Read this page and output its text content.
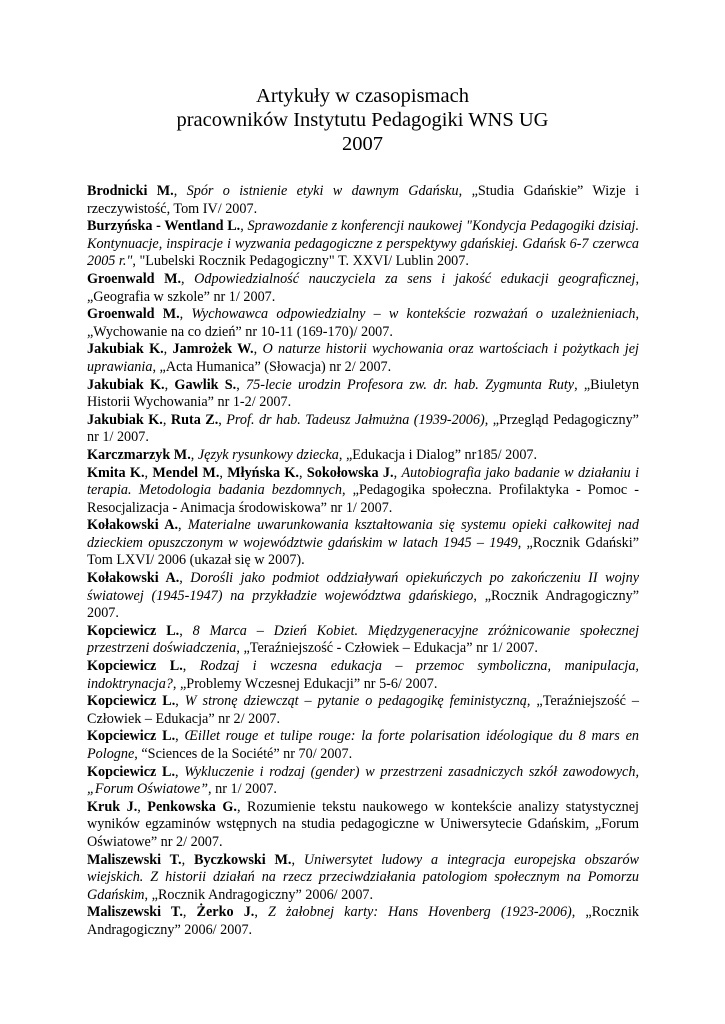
Artykuły w czasopismach
pracowników Instytutu Pedagogiki WNS UG
2007
Brodnicki M., Spór o istnienie etyki w dawnym Gdańsku, „Studia Gdańskie” Wizje i rzeczywistość, Tom IV/ 2007.
Burzyńska - Wentland L., Sprawozdanie z konferencji naukowej "Kondycja Pedagogiki dzisiaj. Kontynuacje, inspiracje i wyzwania pedagogiczne z perspektywy gdańskiej. Gdańsk 6-7 czerwca 2005 r.", "Lubelski Rocznik Pedagogiczny" T. XXVI/ Lublin 2007.
Groenwald M., Odpowiedzialność nauczyciela za sens i jakość edukacji geograficznej, „Geografia w szkole” nr 1/ 2007.
Groenwald M., Wychowawca odpowiedzialny – w kontekście rozważań o uzależnieniach, „Wychowanie na co dzień” nr 10-11 (169-170)/ 2007.
Jakubiak K., Jamrożek W., O naturze historii wychowania oraz wartościach i pożytkach jej uprawiania, „Acta Humanica” (Słowacja) nr 2/ 2007.
Jakubiak K., Gawlik S., 75-lecie urodzin Profesora zw. dr. hab. Zygmunta Ruty, „Biuletyn Historii Wychowania” nr 1-2/ 2007.
Jakubiak K., Ruta Z., Prof. dr hab. Tadeusz Jałmużna (1939-2006), „Przegląd Pedagogiczny” nr 1/ 2007.
Karczmarzyk M., Język rysunkowy dziecka, „Edukacja i Dialog” nr185/ 2007.
Kmita K., Mendel M., Młyńska K., Sokołowska J., Autobiografia jako badanie w działaniu i terapia. Metodologia badania bezdomnych, „Pedagogika społeczna. Profilaktyka - Pomoc - Resocjalizacja - Animacja środowiskowa” nr 1/ 2007.
Kołakowski A., Materialne uwarunkowania kształtowania się systemu opieki całkowitej nad dzieckiem opuszczonym w województwie gdańskim w latach 1945 – 1949, „Rocznik Gdański” Tom LXVI/ 2006 (ukazał się w 2007).
Kołakowski A., Dorośli jako podmiot oddziaływań opiekuńczych po zakończeniu II wojny światowej (1945-1947) na przykładzie województwa gdańskiego, „Rocznik Andragogiczny” 2007.
Kopciewicz L., 8 Marca – Dzień Kobiet. Międzygeneracyjne zróżnicowanie społecznej przestrzeni doświadczenia, „Teraźniejszość - Człowiek – Edukacja” nr 1/ 2007.
Kopciewicz L., Rodzaj i wczesna edukacja – przemoc symboliczna, manipulacja, indoktrynacja?, „Problemy Wczesnej Edukacji” nr 5-6/ 2007.
Kopciewicz L., W stronę dziewcząt – pytanie o pedagogikę feministyczną, „Teraźniejszość – Człowiek – Edukacja” nr 2/ 2007.
Kopciewicz L., Œillet rouge et tulipe rouge: la forte polarisation idéologique du 8 mars en Pologne, “Sciences de la Société” nr 70/ 2007.
Kopciewicz L., Wykluczenie i rodzaj (gender) w przestrzeni zasadniczych szkół zawodowych, „Forum Oświatowe”, nr 1/ 2007.
Kruk J., Penkowska G., Rozumienie tekstu naukowego w kontekście analizy statystycznej wyników egzaminów wstępnych na studia pedagogiczne w Uniwersytecie Gdańskim, „Forum Oświatowe” nr 2/ 2007.
Maliszewski T., Byczkowski M., Uniwersytet ludowy a integracja europejska obszarów wiejskich. Z historii działań na rzecz przeciwdziałania patologiom społecznym na Pomorzu Gdańskim, „Rocznik Andragogiczny” 2006/ 2007.
Maliszewski T., Żerko J., Z żałobnej karty: Hans Hovenberg (1923-2006), „Rocznik Andragogiczny” 2006/ 2007.
